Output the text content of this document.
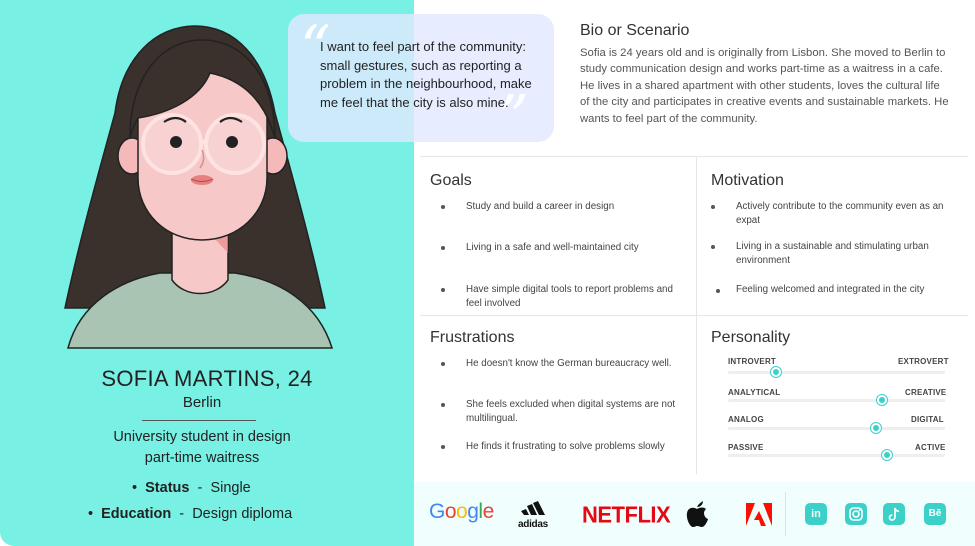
SOFIA MARTINS, 24
Berlin
University student in design
part-time waitress
•  Status - Single
•  Education - Design diploma
“
”
I want to feel part of the community: small gestures, such as reporting a problem in the neighbourhood, make me feel that the city is also mine.
Bio or Scenario
Sofia is 24 years old and is originally from Lisbon. She moved to Berlin to study communication design and works part-time as a waitress in a cafe. He lives in a shared apartment with other students, loves the cultural life of the city and participates in creative events and sustainable markets. He wants to feel part of the community.
Goals
Study and build a career in design
Living in a safe and well-maintained city
Have simple digital tools to report problems and feel involved
Motivation
Actively contribute to the community even as an expat
Living in a sustainable and stimulating urban environment
Feeling welcomed and integrated in the city
Frustrations
He doesn't know the German bureaucracy well.
She feels excluded when digital systems are not multilingual.
He finds it frustrating to solve problems slowly
Personality
INTROVERT	EXTROVERT
ANALYTICAL	CREATIVE
ANALOG	DIGITAL
PASSIVE	ACTIVE
Google
adidas NETFLIX	in	Bē
